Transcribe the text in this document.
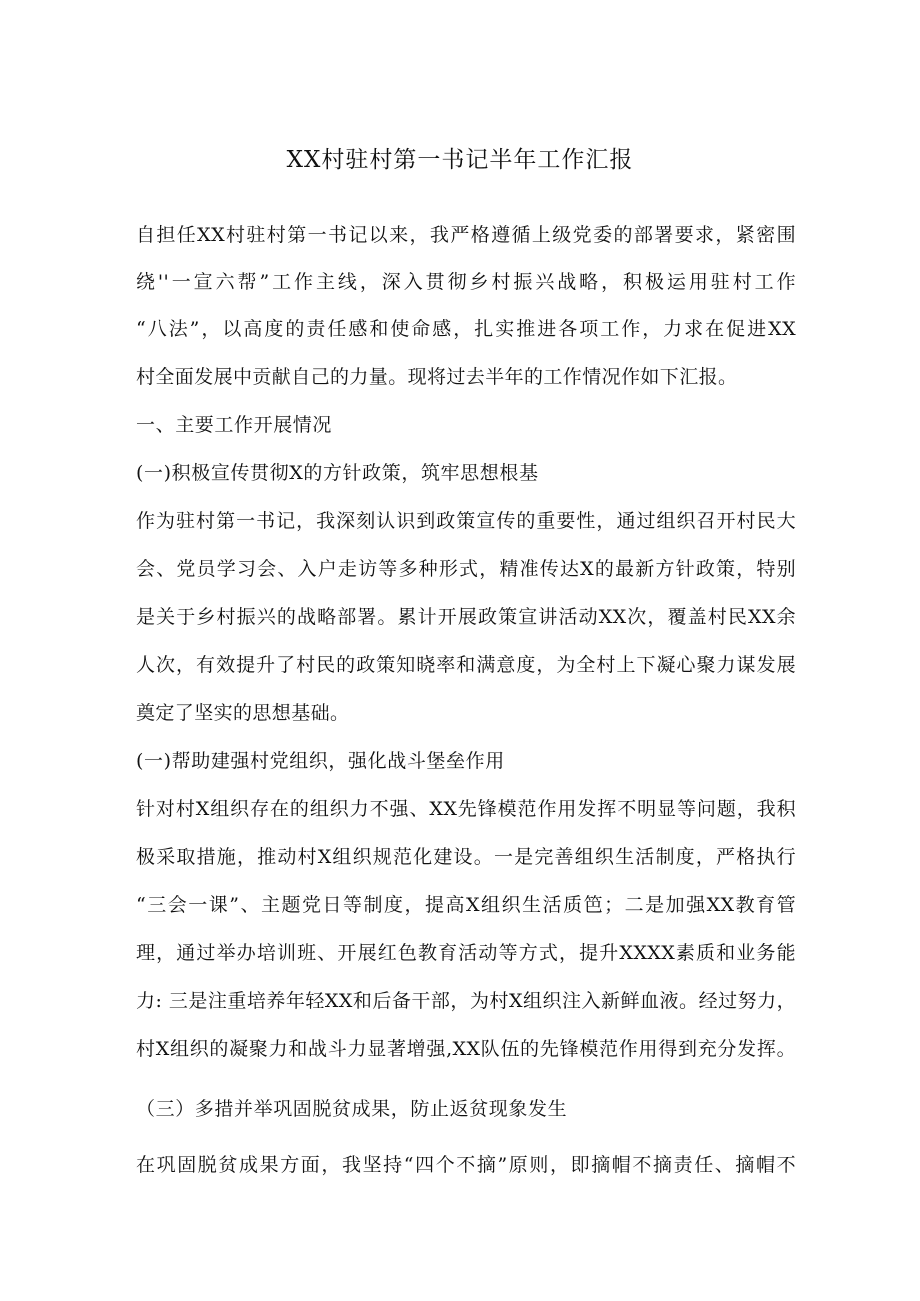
XX村驻村第一书记半年工作汇报
自担任XX村驻村第一书记以来，我严格遵循上级党委的部署要求，紧密围
绕''一宣六帮”工作主线，深入贯彻乡村振兴战略，积极运用驻村工作
“八法”，以高度的责任感和使命感，扎实推进各项工作，力求在促进XX
村全面发展中贡献自己的力量。现将过去半年的工作情况作如下汇报。
一、主要工作开展情况
(一)积极宣传贯彻X的方针政策，筑牢思想根基
作为驻村第一书记，我深刻认识到政策宣传的重要性，通过组织召开村民大
会、党员学习会、入户走访等多种形式，精准传达X的最新方针政策，特别
是关于乡村振兴的战略部署。累计开展政策宣讲活动XX次，覆盖村民XX余
人次，有效提升了村民的政策知晓率和满意度，为全村上下凝心聚力谋发展
奠定了坚实的思想基础。
(一)帮助建强村党组织，强化战斗堡垒作用
针对村X组织存在的组织力不强、XX先锋模范作用发挥不明显等问题，我积
极采取措施，推动村X组织规范化建设。一是完善组织生活制度，严格执行
“三会一课”、主题党日等制度，提高X组织生活质笆；二是加强XX教育管
理，通过举办培训班、开展红色教育活动等方式，提升XXXX素质和业务能
力: 三是注重培养年轻XX和后备干部，为村X组织注入新鲜血液。经过努力，
村X组织的凝聚力和战斗力显著增强,XX队伍的先锋模范作用得到充分发挥。
（三）多措并举巩固脱贫成果，防止返贫现象发生
在巩固脱贫成果方面，我坚持“四个不摘”原则，即摘帽不摘责任、摘帽不
